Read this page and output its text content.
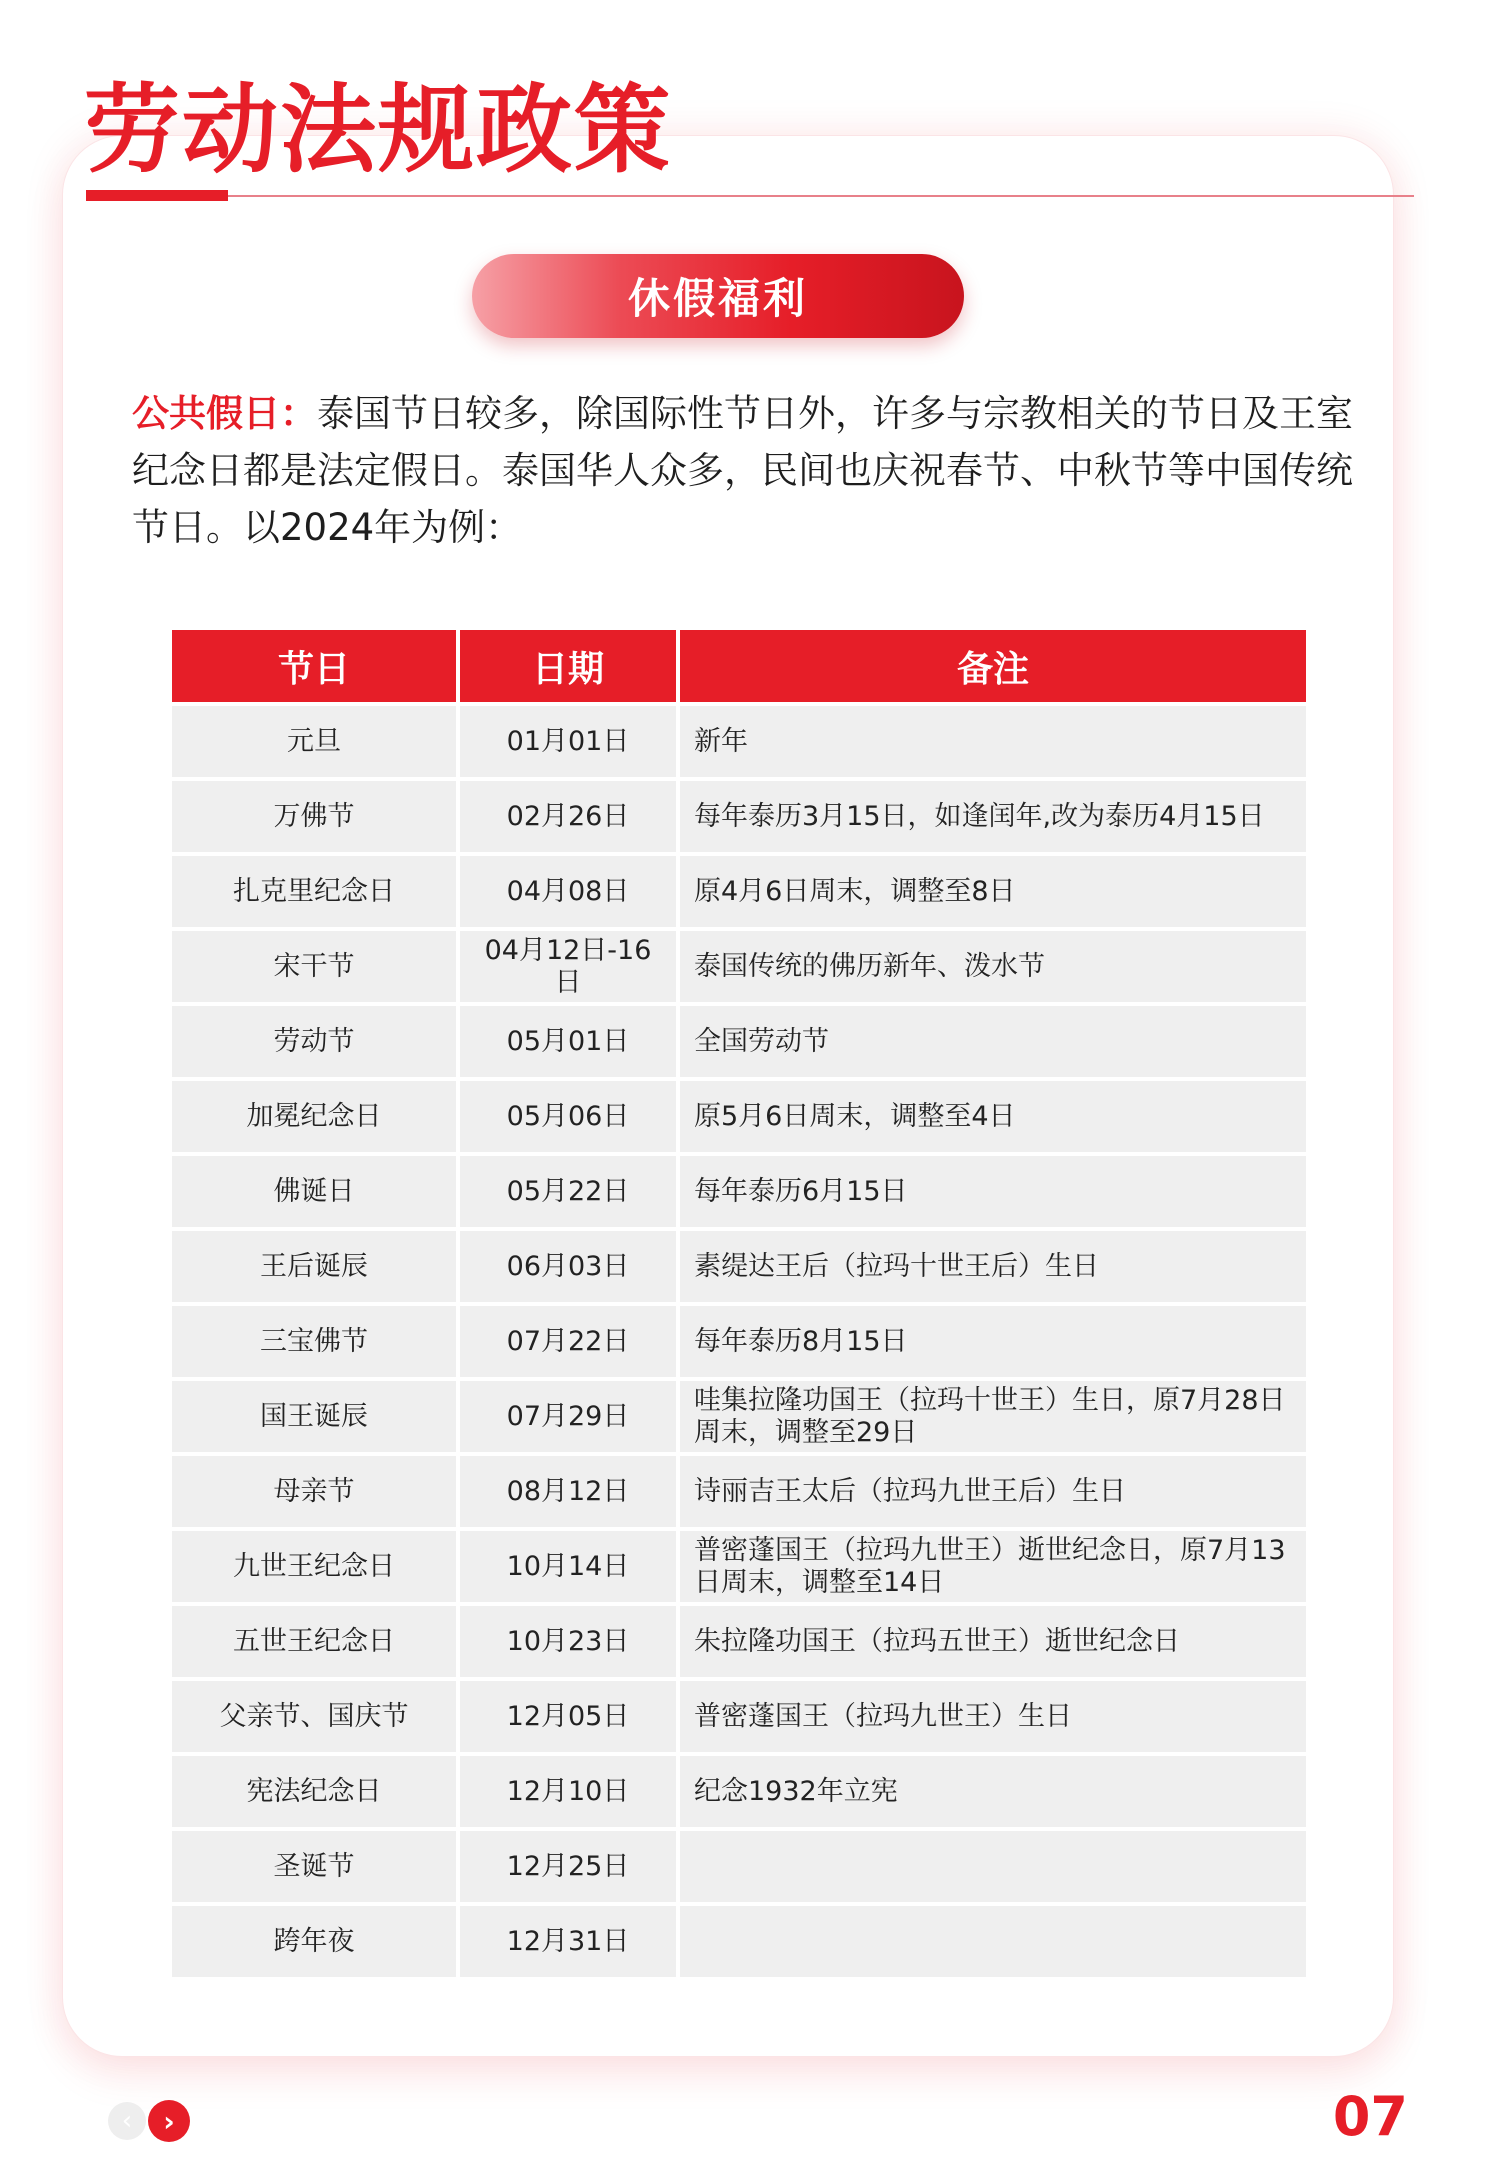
劳动法规政策
休假福利

公共假日：泰国节日较多，除国际性节日外，许多与宗教相关的节日及王室纪念日都是法定假日。泰国华人众多，民间也庆祝春节、中秋节等中国传统节日。以2024年为例：

节日	日期	备注
元旦	01月01日	新年
万佛节	02月26日	每年泰历3月15日，如逢闰年,改为泰历4月15日
扎克里纪念日	04月08日	原4月6日周末，调整至8日
宋干节	04月12日-16日	泰国传统的佛历新年、泼水节
劳动节	05月01日	全国劳动节
加冕纪念日	05月06日	原5月6日周末，调整至4日
佛诞日	05月22日	每年泰历6月15日
王后诞辰	06月03日	素缇达王后（拉玛十世王后）生日
三宝佛节	07月22日	每年泰历8月15日
国王诞辰	07月29日	哇集拉隆功国王（拉玛十世王）生日，原7月28日周末，调整至29日
母亲节	08月12日	诗丽吉王太后（拉玛九世王后）生日
九世王纪念日	10月14日	普密蓬国王（拉玛九世王）逝世纪念日，原7月13日周末，调整至14日
五世王纪念日	10月23日	朱拉隆功国王（拉玛五世王）逝世纪念日
父亲节、国庆节	12月05日	普密蓬国王（拉玛九世王）生日
宪法纪念日	12月10日	纪念1932年立宪
圣诞节	12月25日	
跨年夜	12月31日	
‹ ›	07
